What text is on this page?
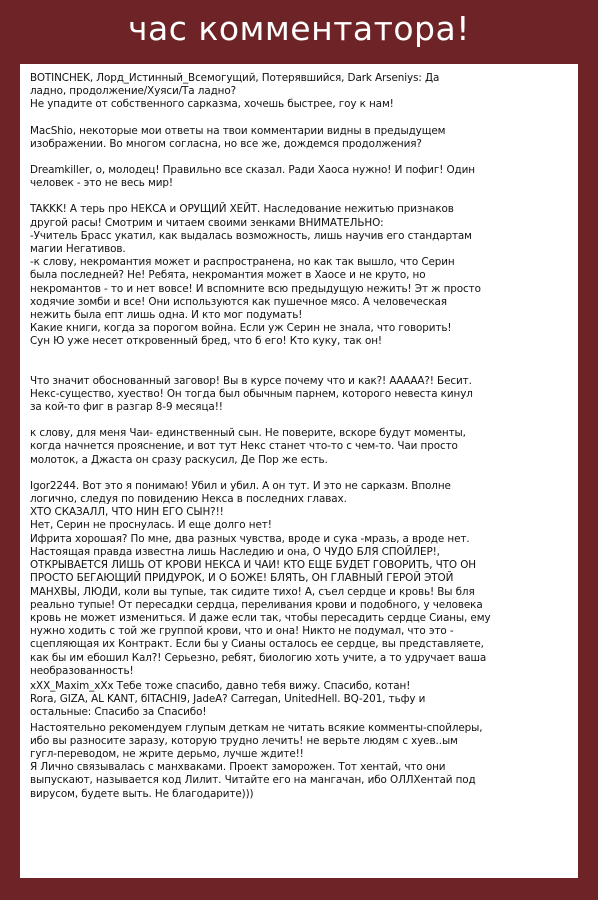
час комментатора!
BOTINCHEK, Лорд_Истинный_Всемогущий, Потерявшийся, Dark Arseniys: Да
ладно, продолжение/Хуяси/Та ладно?
Не упадите от собственного сарказма, хочешь быстрее, гоу к нам!
MacShio, некоторые мои ответы на твои комментарии видны в предыдущем
изображении. Во многом согласна, но все же, дождемся продолжения?
Dreamkiller, о, молодец! Правильно все сказал. Ради Хаоса нужно! И пофиг! Один
человек - это не весь мир!
TAKKK! А терь про НЕКСА и ОРУЩИЙ ХЕЙТ. Наследование нежитью признаков
другой расы! Смотрим и читаем своими зенками ВНИМАТЕЛЬНО:
-Учитель Брасс укатил, как выдалась возможность, лишь научив его стандартам
магии Негативов.
-к слову, некромантия может и распространена, но как так вышло, что Серин
была последней? Не! Ребята, некромантия может в Хаосе и не круто, но
некромантов - то и нет вовсе! И вспомните всю предыдущую нежить! Эт ж просто
ходячие зомби и все! Они используются как пушечное мясо. А человеческая
нежить была епт лишь одна. И кто мог подумать!
Какие книги, когда за порогом война. Если уж Серин не знала, что говорить!
Сун Ю уже несет откровенный бред, что б его! Кто куку, так он!
Что значит обоснованный заговор! Вы в курсе почему что и как?! ААААА?! Бесит.
Некс-существо, хуество! Он тогда был обычным парнем, которого невеста кинул
за кой-то фиг в разгар 8-9 месяца!!
к слову, для меня Чаи- единственный сын. Не поверите, вскоре будут моменты,
когда начнется прояснение, и вот тут Некс станет что-то с чем-то. Чаи просто
молоток, а Джаста он сразу раскусил, Де Пор же есть.
Igor2244. Вот это я понимаю! Убил и убил. А он тут. И это не сарказм. Вполне
логично, следуя по повидению Некса в последних главах.
ХТО СКАЗАЛЛ, ЧТО НИН ЕГО СЫН?!!
Нет, Серин не проснулась. И еще долго нет!
Ифрита хорошая? По мне, два разных чувства, вроде и сука -мразь, а вроде нет.
Настоящая правда известна лишь Наследию и она, О ЧУДО БЛЯ СПОЙЛЕР!,
ОТКРЫВАЕТСЯ ЛИШЬ ОТ КРОВИ НЕКСА И ЧАИ! КТО ЕЩЕ БУДЕТ ГОВОРИТЬ, ЧТО ОН
ПРОСТО БЕГАЮЩИЙ ПРИДУРОК, И О БОЖЕ! БЛЯТЬ, ОН ГЛАВНЫЙ ГЕРОЙ ЭТОЙ
МАНХВЫ, ЛЮДИ, коли вы тупые, так сидите тихо! А, съел сердце и кровь! Вы бля
реально тупые! От пересадки сердца, переливания крови и подобного, у человека
кровь не может измениться. И даже если так, чтобы пересадить сердце Сианы, ему
нужно ходить с той же группой крови, что и она! Никто не подумал, что это -
сцепляющая их Контракт. Если бы у Сианы осталось ее сердце, вы представляете,
как бы им ебошил Кал?! Серьезно, ребят, биологию хоть учите, а то удручает ваша
необразованность!
xXX_Maxim_xXx Тебе тоже спасибо, давно тебя вижу. Спасибо, котан!
Rora, GIZA, AL KANT, бITACHI9, JadeA? Carregan, UnitedHell. BQ-201, тьфу и
остальные: Спасибо за Спасибо!
Настоятельно рекомендуем глупым деткам не читать всякие комменты-спойлеры,
ибо вы разносите заразу, которую трудно лечить! не верьте людям с хуев..ым
гугл-переводом, не жрите дерьмо, лучше ждите!!
Я Лично связывалась с манхваками. Проект заморожен. Тот хентай, что они
выпускают, называется код Лилит. Читайте его на мангачан, ибо ОЛЛХентай под
вирусом, будете выть. Не благодарите)))
